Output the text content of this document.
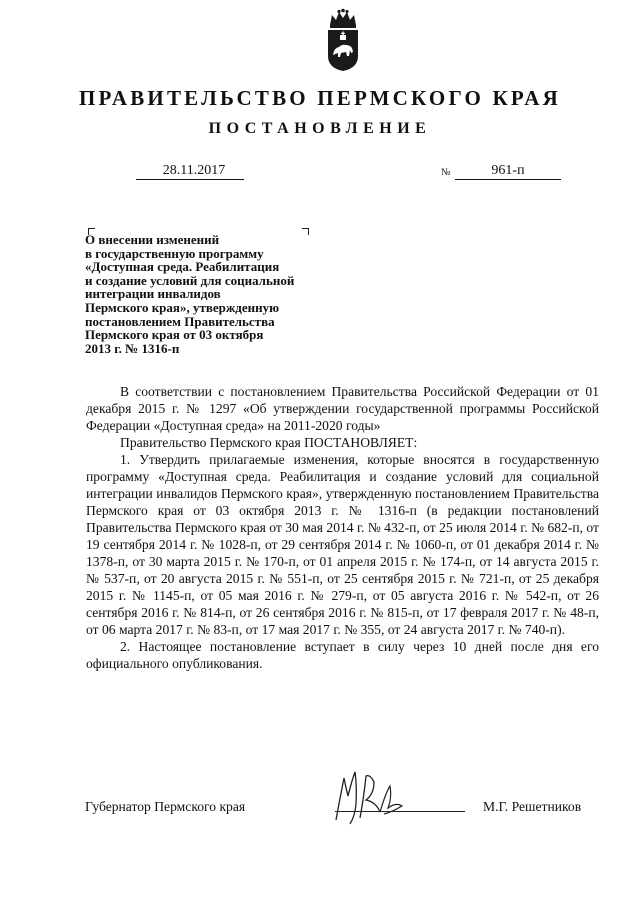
ПРАВИТЕЛЬСТВО ПЕРМСКОГО КРАЯ
ПОСТАНОВЛЕНИЕ
28.11.2017	№	961-п
О внесении изменений
в государственную программу
«Доступная среда. Реабилитация
и создание условий для социальной
интеграции инвалидов
Пермского края», утвержденную
постановлением Правительства
Пермского края от 03 октября
2013 г. № 1316-п

В соответствии с постановлением Правительства Российской Федерации от 01 декабря 2015 г. № 1297 «Об утверждении государственной программы Российской Федерации «Доступная среда» на 2011-2020 годы»

Правительство Пермского края ПОСТАНОВЛЯЕТ:

1. Утвердить прилагаемые изменения, которые вносятся в государственную программу «Доступная среда. Реабилитация и создание условий для социальной интеграции инвалидов Пермского края», утвержденную постановлением Правительства Пермского края от 03 октября 2013 г. № 1316-п (в редакции постановлений Правительства Пермского края от 30 мая 2014 г. № 432-п, от 25 июля 2014 г. № 682-п, от 19 сентября 2014 г. № 1028-п, от 29 сентября 2014 г. № 1060-п, от 01 декабря 2014 г. № 1378-п, от 30 марта 2015 г. № 170-п, от 01 апреля 2015 г. № 174-п, от 14 августа 2015 г. № 537-п, от 20 августа 2015 г. № 551-п, от 25 сентября 2015 г. № 721-п, от 25 декабря 2015 г. № 1145-п, от 05 мая 2016 г. № 279-п, от 05 августа 2016 г. № 542-п, от 26 сентября 2016 г. № 814-п, от 26 сентября 2016 г. № 815-п, от 17 февраля 2017 г. № 48-п, от 06 марта 2017 г. № 83-п, от 17 мая 2017 г. № 355, от 24 августа 2017 г. № 740-п).

2. Настоящее постановление вступает в силу через 10 дней после дня его официального опубликования.

Губернатор Пермского края	М.Г. Решетников
